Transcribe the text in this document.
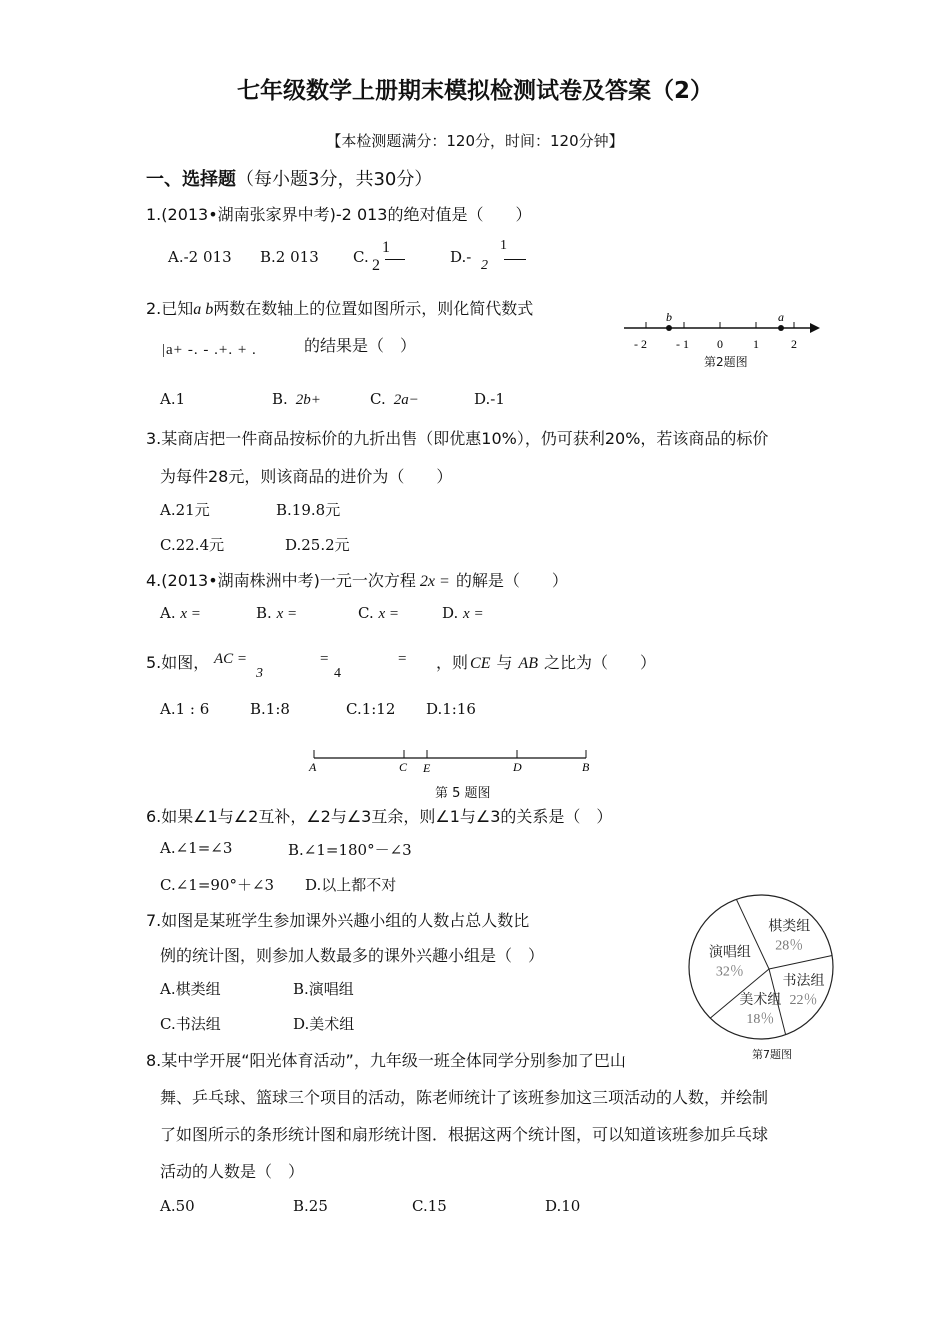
七年级数学上册期末模拟检测试卷及答案（2）
【本检测题满分：120分，时间：120分钟】
一、选择题（每小题3分，共30分）
1.(2013•湖南张家界中考)-2 013的绝对值是（　　）
A.-2 013 B.2 013 C.
1
2	D.-
1
2
2.已知a b两数在数轴上的位置如图所示，则化简代数式
|a+ -. - .+. + .	的结果是（　）
A.1	B. 2b+	C. 2a−	D.-1
b	a
- 2 - 1 0	1	2
第2题图
3.某商店把一件商品按标价的九折出售（即优惠10%），仍可获利20%，若该商品的标价
为每件28元，则该商品的进价为（　　）
A.21元	B.19.8元
C.22.4元	D.25.2元
4.(2013•湖南株洲中考)一元一次方程 2x = 的解是（　　）
A. x =	B. x =	C. x =	D. x =
5.如图， AC =
3
=
4
= ，则 CE 与 AB 之比为（　　）
A.1 : 6	B.1:8	C.1:12 D.1:16
A	C E	D	B
第 5 题图
6.如果∠1与∠2互补，∠2与∠3互余，则∠1与∠3的关系是（　）
A.∠1=∠3	B.∠1=180°－∠3
C.∠1=90°＋∠3 D.以上都不对
7.如图是某班学生参加课外兴趣小组的人数占总人数比
例的统计图，则参加人数最多的课外兴趣小组是（　）
A.棋类组	B.演唱组
C.书法组	D.美术组
棋类组
28％
书法组
22％
美术组
18％
演唱组
32％
第7题图
8.某中学开展“阳光体育活动”，九年级一班全体同学分别参加了巴山
舞、乒乓球、篮球三个项目的活动，陈老师统计了该班参加这三项活动的人数，并绘制
了如图所示的条形统计图和扇形统计图．根据这两个统计图，可以知道该班参加乒乓球
活动的人数是（　）
A.50	B.25	C.15	D.10
